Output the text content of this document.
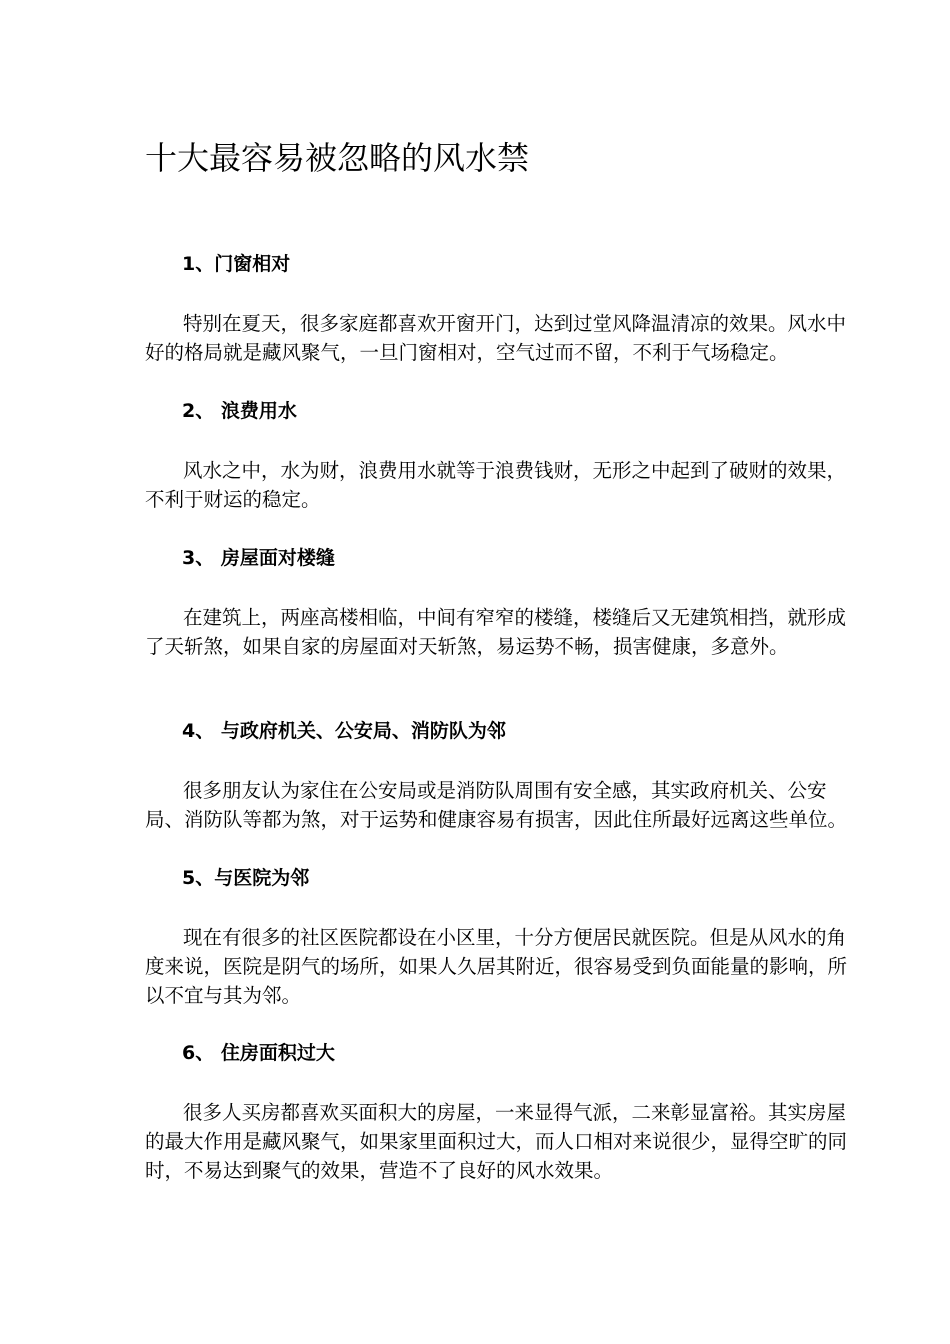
十大最容易被忽略的风水禁
1、门窗相对
特别在夏天，很多家庭都喜欢开窗开门，达到过堂风降温清凉的效果。风水中
好的格局就是藏风聚气，一旦门窗相对，空气过而不留，不利于气场稳定。
2、 浪费用水
风水之中，水为财，浪费用水就等于浪费钱财，无形之中起到了破财的效果，
不利于财运的稳定。
3、 房屋面对楼缝
在建筑上，两座高楼相临，中间有窄窄的楼缝，楼缝后又无建筑相挡，就形成
了天斩煞，如果自家的房屋面对天斩煞，易运势不畅，损害健康，多意外。
4、 与政府机关、公安局、消防队为邻
很多朋友认为家住在公安局或是消防队周围有安全感，其实政府机关、公安
局、消防队等都为煞，对于运势和健康容易有损害，因此住所最好远离这些单位。
5、与医院为邻
现在有很多的社区医院都设在小区里，十分方便居民就医院。但是从风水的角
度来说，医院是阴气的场所，如果人久居其附近，很容易受到负面能量的影响，所
以不宜与其为邻。
6、 住房面积过大
很多人买房都喜欢买面积大的房屋，一来显得气派，二来彰显富裕。其实房屋
的最大作用是藏风聚气，如果家里面积过大，而人口相对来说很少，显得空旷的同
时，不易达到聚气的效果，营造不了良好的风水效果。
